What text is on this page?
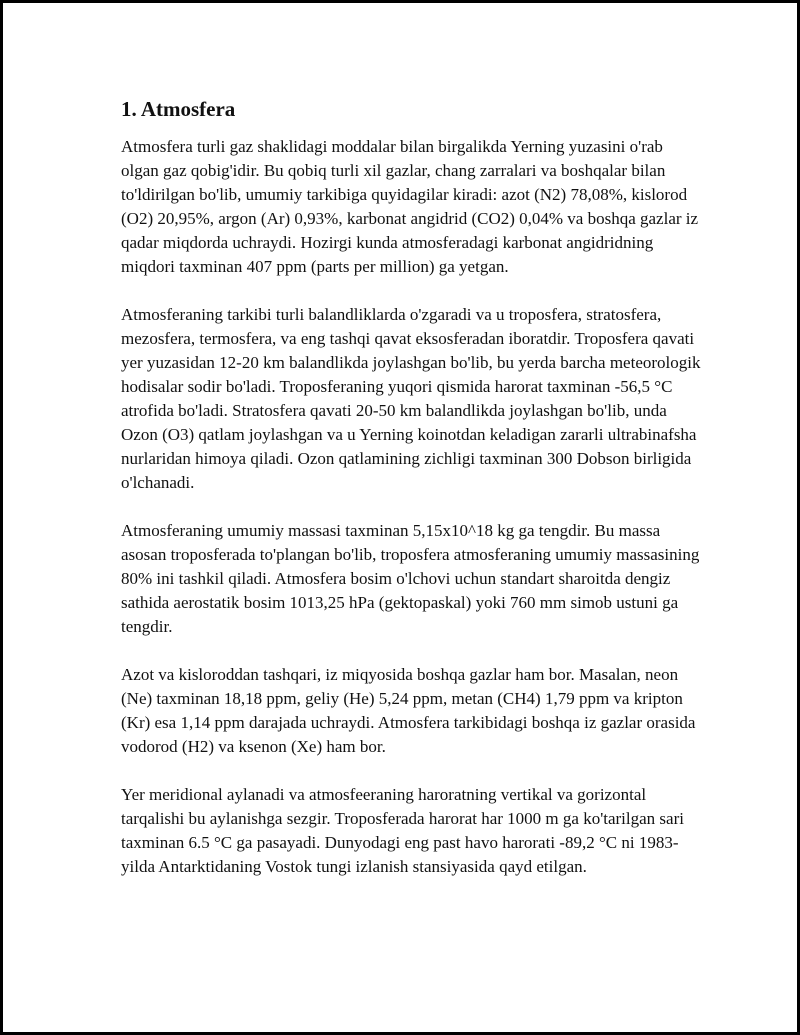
1. Atmosfera

Atmosfera turli gaz shaklidagi moddalar bilan birgalikda Yerning yuzasini o'rab olgan gaz qobig'idir. Bu qobiq turli xil gazlar, chang zarralari va boshqalar bilan to'ldirilgan bo'lib, umumiy tarkibiga quyidagilar kiradi: azot (N2) 78,08%, kislorod (O2) 20,95%, argon (Ar) 0,93%, karbonat angidrid (CO2) 0,04% va boshqa gazlar iz qadar miqdorda uchraydi. Hozirgi kunda atmosferadagi karbonat angidridning miqdori taxminan 407 ppm (parts per million) ga yetgan.

Atmosferaning tarkibi turli balandliklarda o'zgaradi va u troposfera, stratosfera, mezosfera, termosfera, va eng tashqi qavat eksosferadan iboratdir. Troposfera qavati yer yuzasidan 12-20 km balandlikda joylashgan bo'lib, bu yerda barcha meteorologik hodisalar sodir bo'ladi. Troposferaning yuqori qismida harorat taxminan -56,5 °C atrofida bo'ladi. Stratosfera qavati 20-50 km balandlikda joylashgan bo'lib, unda Ozon (O3) qatlam joylashgan va u Yerning koinotdan keladigan zararli ultrabinafsha nurlaridan himoya qiladi. Ozon qatlamining zichligi taxminan 300 Dobson birligida o'lchanadi.

Atmosferaning umumiy massasi taxminan 5,15x10^18 kg ga tengdir. Bu massa asosan troposferada to'plangan bo'lib, troposfera atmosferaning umumiy massasining 80% ini tashkil qiladi. Atmosfera bosim o'lchovi uchun standart sharoitda dengiz sathida aerostatik bosim 1013,25 hPa (gektopaskal) yoki 760 mm simob ustuni ga tengdir.

Azot va kisloroddan tashqari, iz miqyosida boshqa gazlar ham bor. Masalan, neon (Ne) taxminan 18,18 ppm, geliy (He) 5,24 ppm, metan (CH4) 1,79 ppm va kripton (Kr) esa 1,14 ppm darajada uchraydi. Atmosfera tarkibidagi boshqa iz gazlar orasida vodorod (H2) va ksenon (Xe) ham bor.

Yer meridional aylanadi va atmosfeeraning haroratning vertikal va gorizontal tarqalishi bu aylanishga sezgir. Troposferada harorat har 1000 m ga ko'tarilgan sari taxminan 6.5 °C ga pasayadi. Dunyodagi eng past havo harorati -89,2 °C ni 1983-yilda Antarktidaning Vostok tungi izlanish stansiyasida qayd etilgan.
